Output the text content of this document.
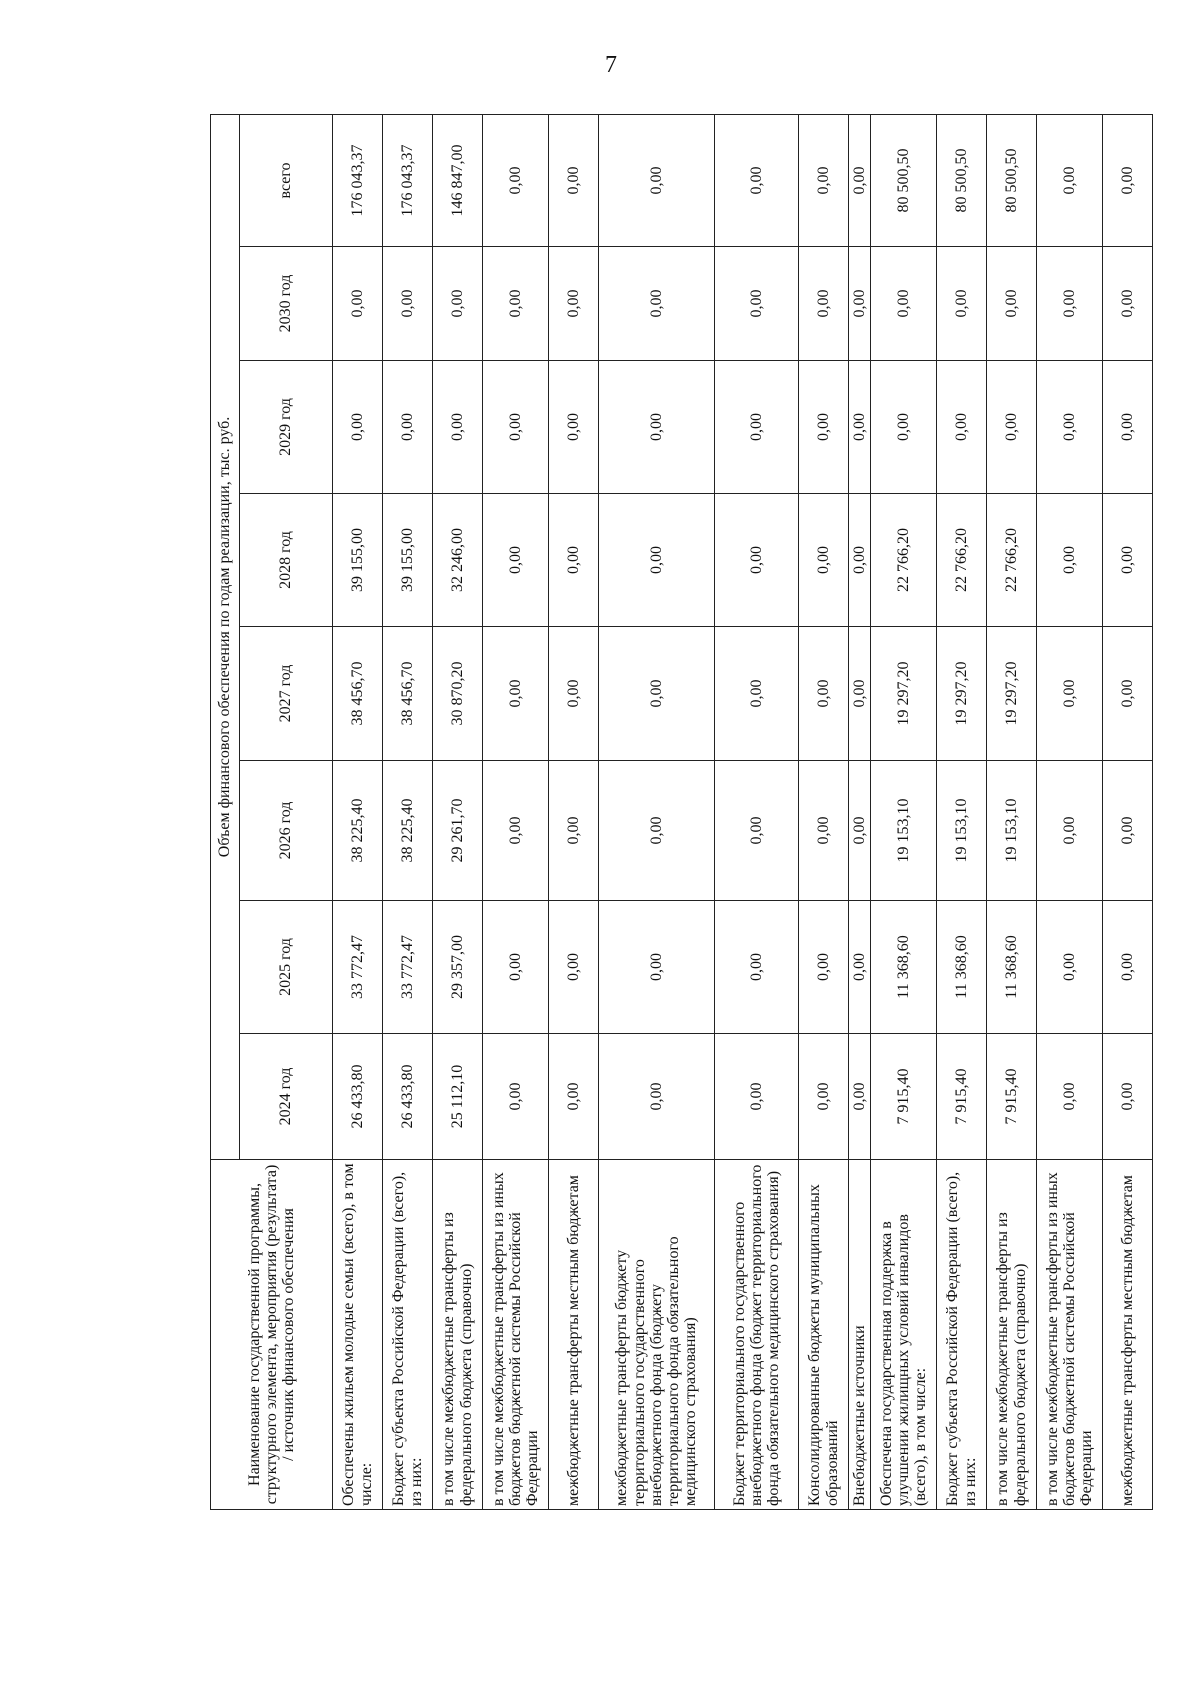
7
Наименование государственной программы, структурного элемента, мероприятия (результата) / источник финансового обеспечения	Объем финансового обеспечения по годам реализации, тыс. руб.							
	2024 год	2025 год	2026 год	2027 год	2028 год	2029 год	2030 год	всего
Обеспечены жильем молодые семьи (всего), в том числе:	26 433,80	33 772,47	38 225,40	38 456,70	39 155,00	0,00	0,00	176 043,37
Бюджет субъекта Российской Федерации (всего), из них:	26 433,80	33 772,47	38 225,40	38 456,70	39 155,00	0,00	0,00	176 043,37
в том числе межбюджетные трансферты из федерального бюджета (справочно)	25 112,10	29 357,00	29 261,70	30 870,20	32 246,00	0,00	0,00	146 847,00
в том числе межбюджетные трансферты из иных бюджетов бюджетной системы Российской Федерации	0,00	0,00	0,00	0,00	0,00	0,00	0,00	0,00
межбюджетные трансферты местным бюджетам	0,00	0,00	0,00	0,00	0,00	0,00	0,00	0,00
межбюджетные трансферты бюджету территориального государственного внебюджетного фонда (бюджету территориального фонда обязательного медицинского страхования)	0,00	0,00	0,00	0,00	0,00	0,00	0,00	0,00
Бюджет территориального государственного внебюджетного фонда (бюджет территориального фонда обязательного медицинского страхования)	0,00	0,00	0,00	0,00	0,00	0,00	0,00	0,00
Консолидированные бюджеты муниципальных образований	0,00	0,00	0,00	0,00	0,00	0,00	0,00	0,00
Внебюджетные источники	0,00	0,00	0,00	0,00	0,00	0,00	0,00	0,00
Обеспечена государственная поддержка в улучшении жилищных условий инвалидов (всего), в том числе:	7 915,40	11 368,60	19 153,10	19 297,20	22 766,20	0,00	0,00	80 500,50
Бюджет субъекта Российской Федерации (всего), из них:	7 915,40	11 368,60	19 153,10	19 297,20	22 766,20	0,00	0,00	80 500,50
в том числе межбюджетные трансферты из федерального бюджета (справочно)	7 915,40	11 368,60	19 153,10	19 297,20	22 766,20	0,00	0,00	80 500,50
в том числе межбюджетные трансферты из иных бюджетов бюджетной системы Российской Федерации	0,00	0,00	0,00	0,00	0,00	0,00	0,00	0,00
межбюджетные трансферты местным бюджетам	0,00	0,00	0,00	0,00	0,00	0,00	0,00	0,00
